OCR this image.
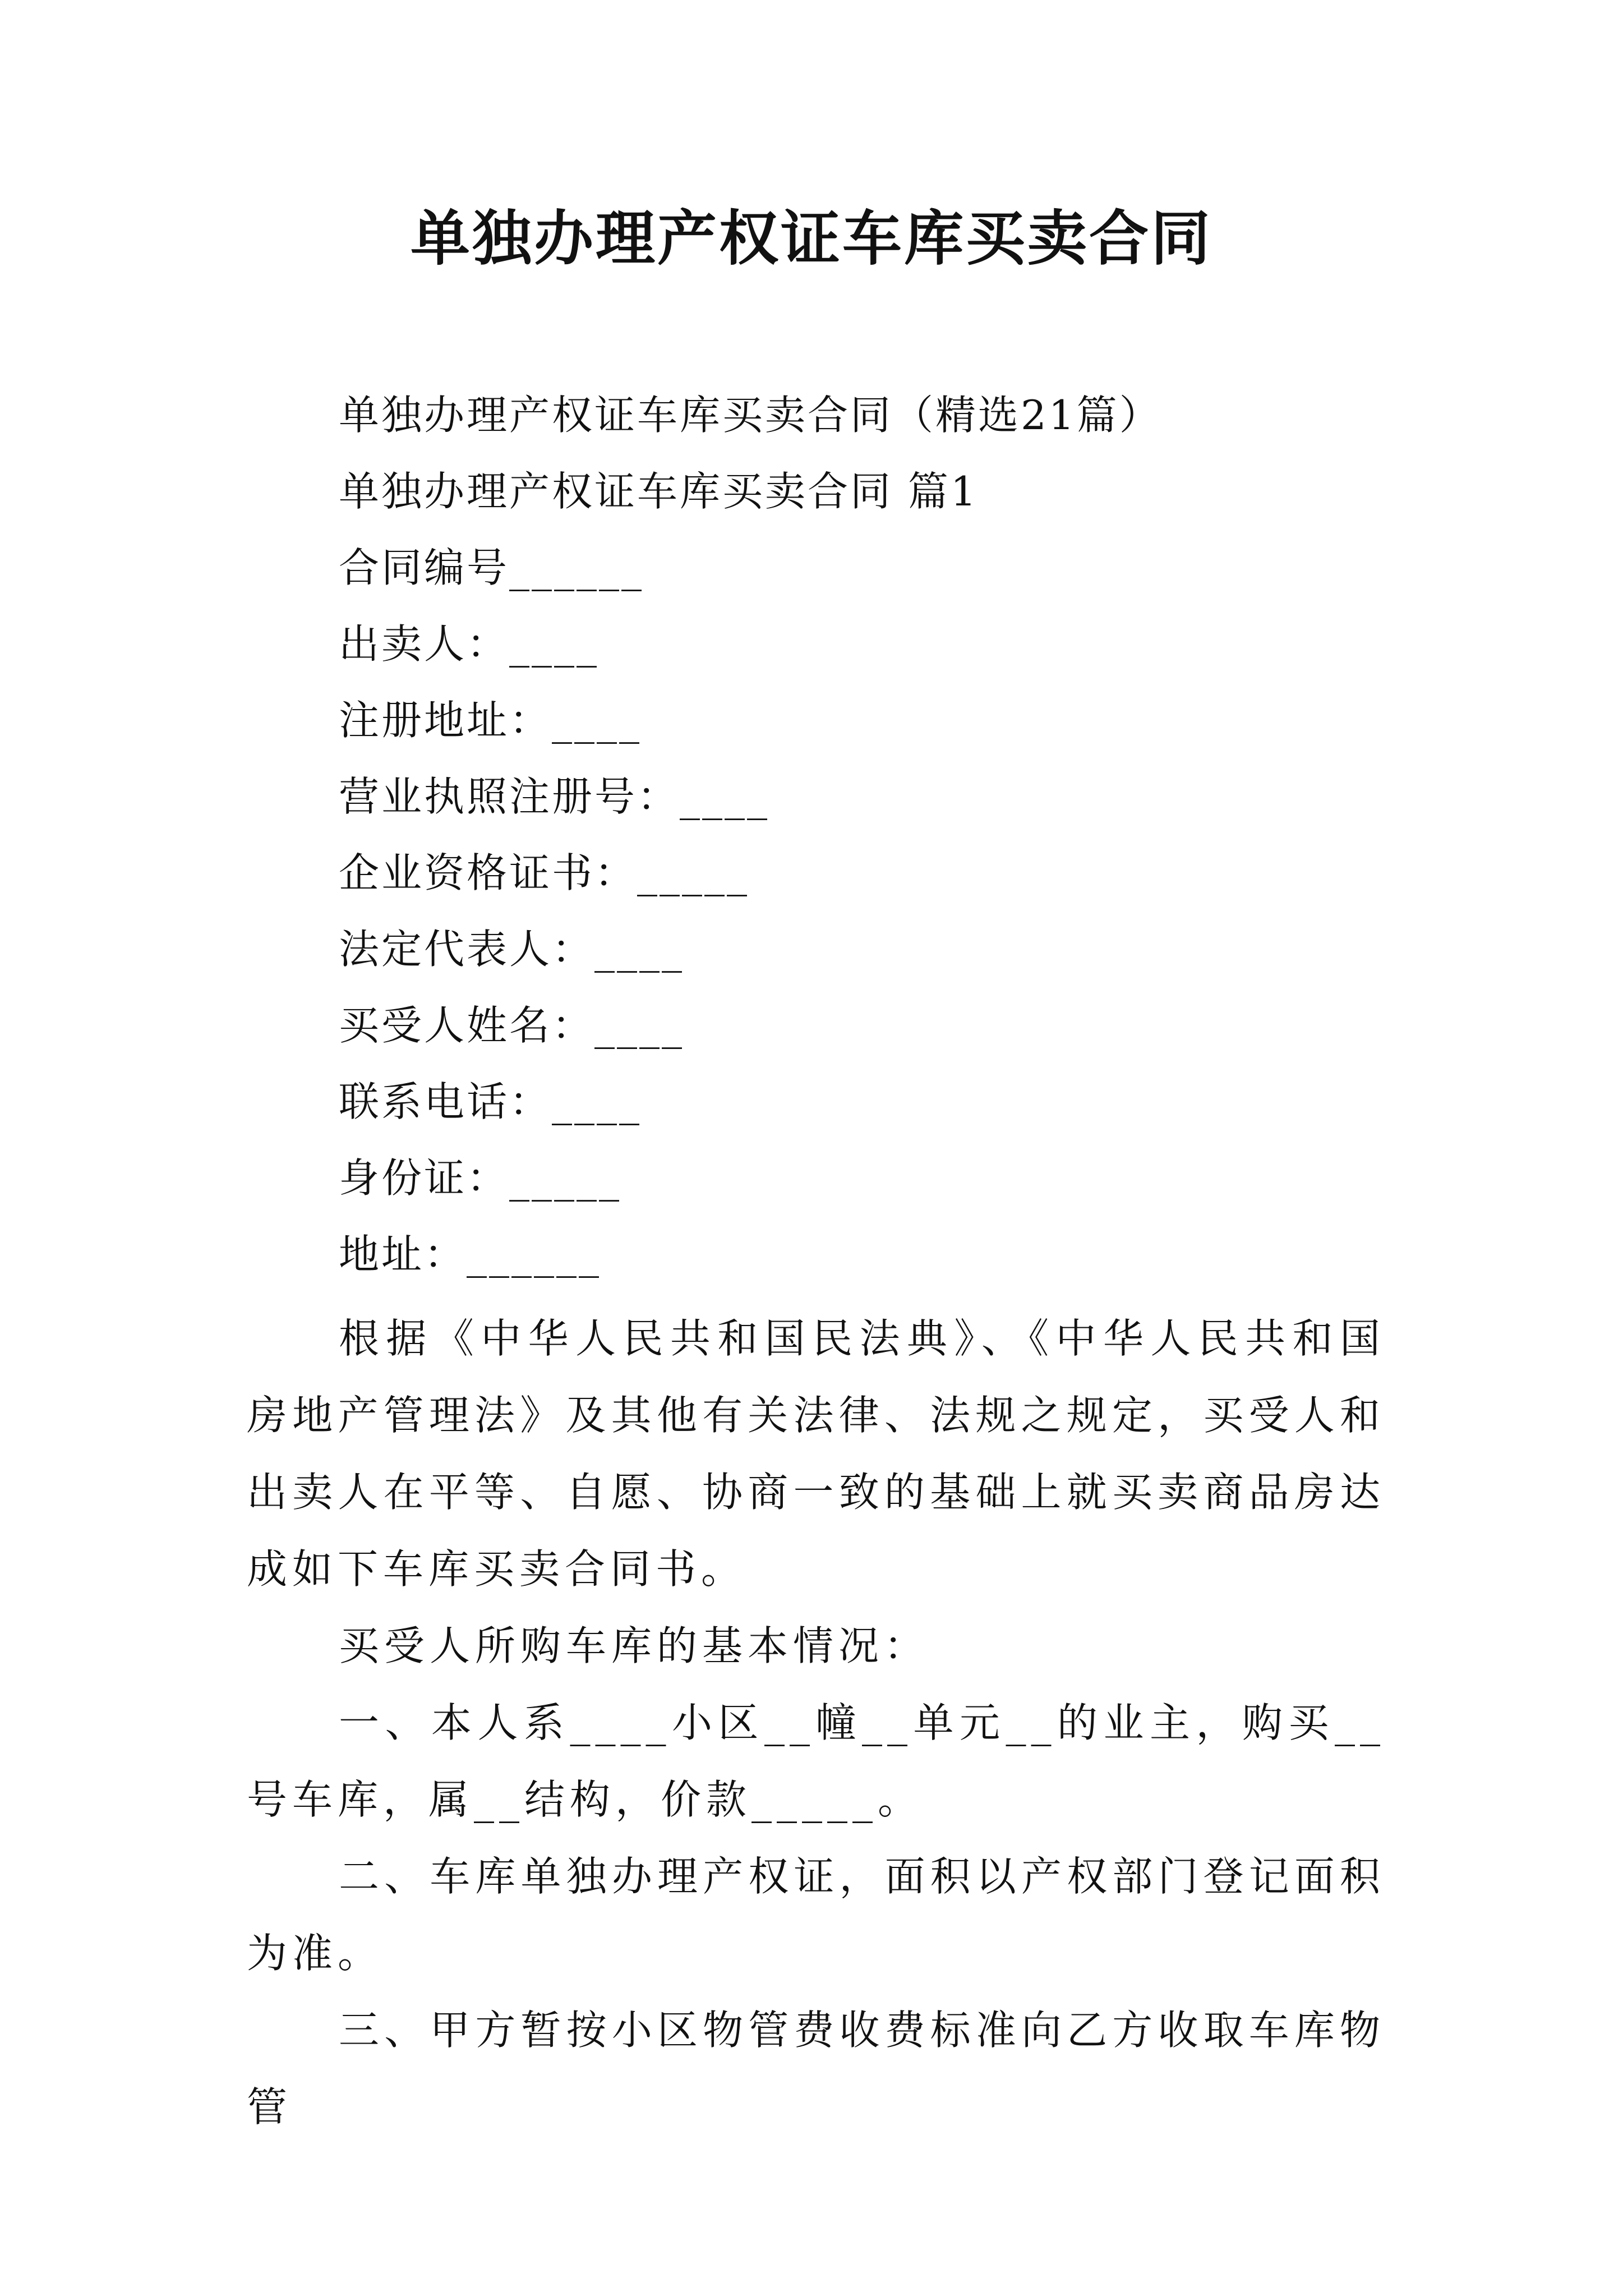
单独办理产权证车库买卖合同
单独办理产权证车库买卖合同（精选21篇）
单独办理产权证车库买卖合同 篇1
合同编号______
出卖人：____
注册地址：____
营业执照注册号：____
企业资格证书：_____
法定代表人：____
买受人姓名：____
联系电话：____
身份证：_____
地址：______
根据《中华人民共和国民法典》、《中华人民共和国房地产管理法》及其他有关法律、法规之规定，买受人和出卖人在平等、自愿、协商一致的基础上就买卖商品房达成如下车库买卖合同书。
买受人所购车库的基本情况：
一、本人系____小区__幢__单元__的业主，购买__号车库，属__结构，价款_____。
二、车库单独办理产权证，面积以产权部门登记面积为准。
三、甲方暂按小区物管费收费标准向乙方收取车库物管
